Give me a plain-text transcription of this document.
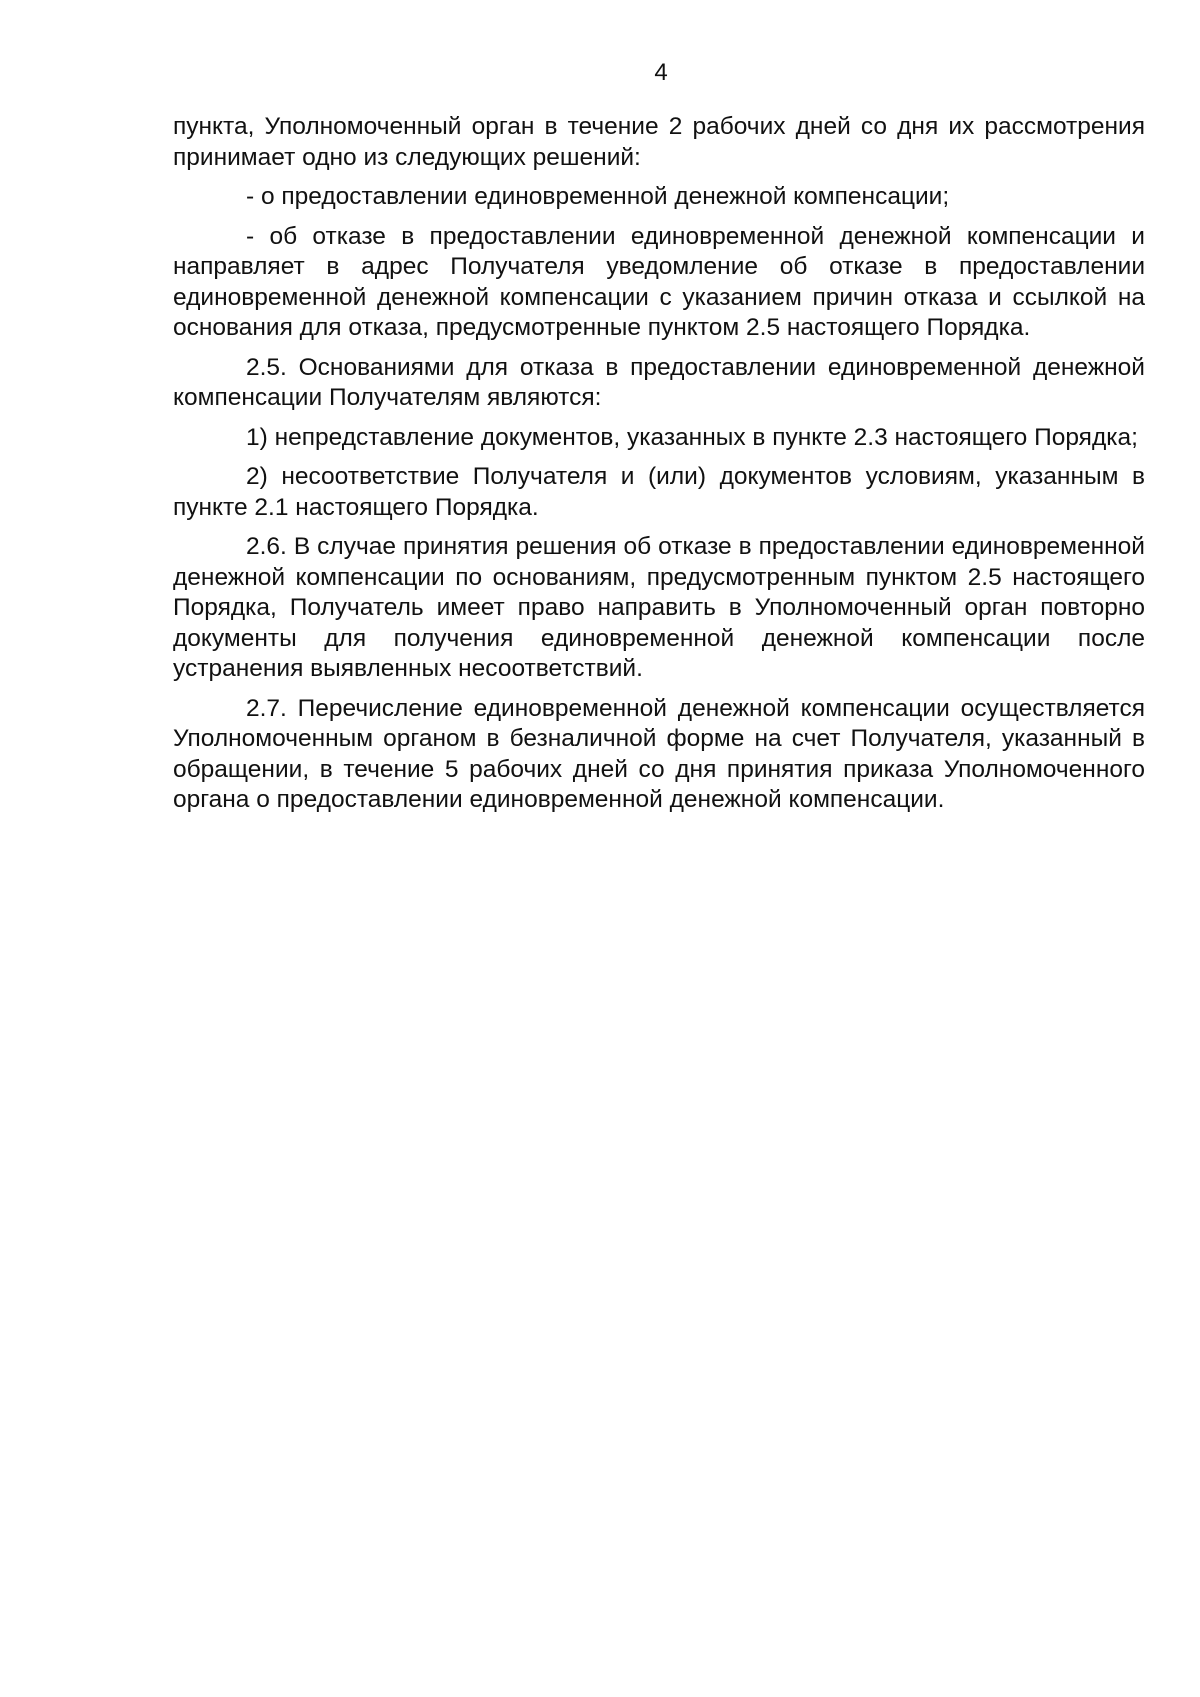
4

пункта, Уполномоченный орган в течение 2 рабочих дней со дня их рассмотрения принимает одно из следующих решений:

- о предоставлении единовременной денежной компенсации;

- об отказе в предоставлении единовременной денежной компенсации и направляет в адрес Получателя уведомление об отказе в предоставлении единовременной денежной компенсации с указанием причин отказа и ссылкой на основания для отказа, предусмотренные пунктом 2.5 настоящего Порядка.

2.5. Основаниями для отказа в предоставлении единовременной денежной компенсации Получателям являются:

1) непредставление документов, указанных в пункте 2.3 настоящего Порядка;

2) несоответствие Получателя и (или) документов условиям, указанным в пункте 2.1 настоящего Порядка.

2.6. В случае принятия решения об отказе в предоставлении единовременной денежной компенсации по основаниям, предусмотренным пунктом 2.5 настоящего Порядка, Получатель имеет право направить в Уполномоченный орган повторно документы для получения единовременной денежной компенсации после устранения выявленных несоответствий.

2.7. Перечисление единовременной денежной компенсации осуществляется Уполномоченным органом в безналичной форме на счет Получателя, указанный в обращении, в течение 5 рабочих дней со дня принятия приказа Уполномоченного органа о предоставлении единовременной денежной компенсации.
